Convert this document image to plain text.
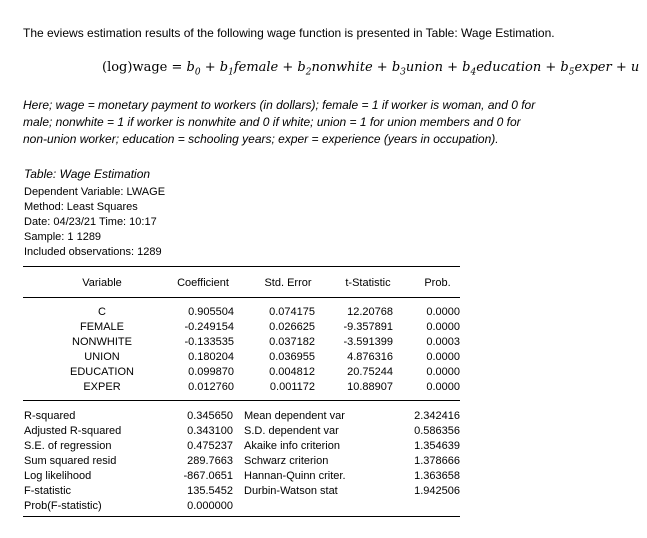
The eviews estimation results of the following wage function is presented in Table: Wage Estimation.
(log)wage = $b_0$ + $b_1female$ + $b_2nonwhite$ + $b_3union$ + $b_4education$ + $b_5exper + u$
Here; wage = monetary payment to workers (in dollars); female = 1 if worker is woman, and 0 for
male; nonwhite = 1 if worker is nonwhite and 0 if white; union = 1 for union members and 0 for
non-union worker; education = schooling years; exper = experience (years in occupation).
Table: Wage Estimation
Dependent Variable: LWAGE
Method: Least Squares
Date: 04/23/21 Time: 10:17
Sample: 1 1289
Included observations: 1289
Variable	Coefficient	Std. Error	t-Statistic	Prob.
C	0.905504	0.074175	12.20768	0.0000
FEMALE	-0.249154	0.026625	-9.357891	0.0000
NONWHITE	-0.133535	0.037182	-3.591399	0.0003
UNION	0.180204	0.036955	4.876316	0.0000
EDUCATION	0.099870	0.004812	20.75244	0.0000
EXPER	0.012760	0.001172	10.88907	0.0000
R-squared	0.345650 Mean dependent var	2.342416
Adjusted R-squared	0.343100 S.D. dependent var	0.586356
S.E. of regression	0.475237 Akaike info criterion	1.354639
Sum squared resid	289.7663 Schwarz criterion	1.378666
Log likelihood	-867.0651 Hannan-Quinn criter.	1.363658
F-statistic	135.5452 Durbin-Watson stat	1.942506
Prob(F-statistic)	0.000000
